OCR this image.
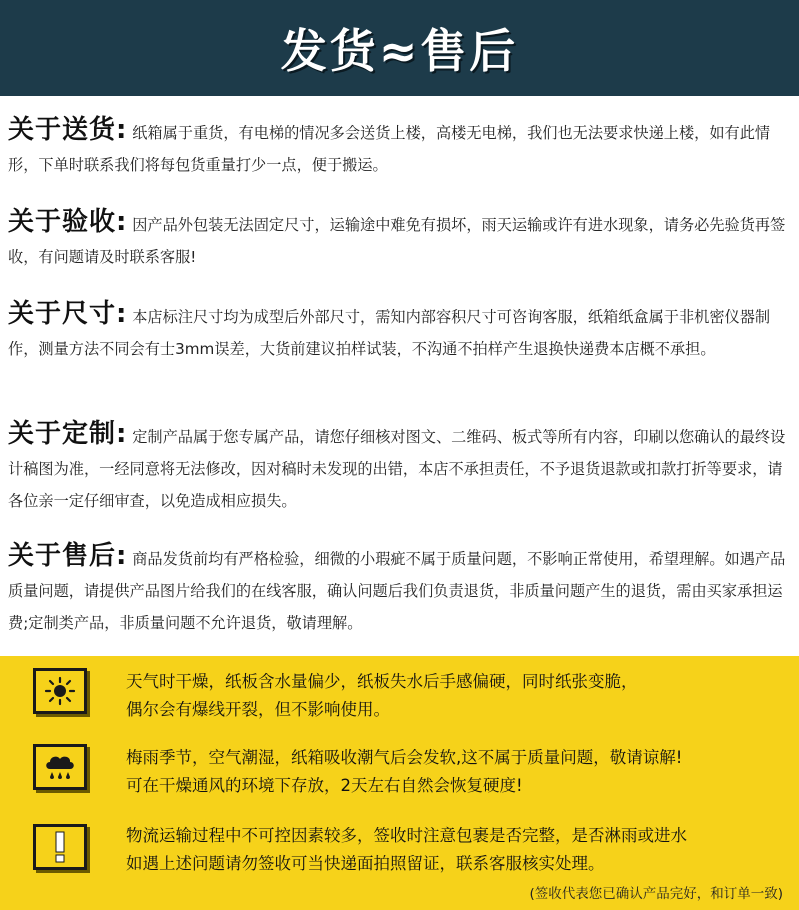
发货≈售后
关于送货: 纸箱属于重货，有电梯的情况多会送货上楼，高楼无电梯，我们也无法要求快递上楼，如有此情形，下单时联系我们将每包货重量打少一点，便于搬运。
关于验收: 因产品外包装无法固定尺寸，运输途中难免有损坏，雨天运输或许有进水现象，请务必先验货再签收，有问题请及时联系客服!
关于尺寸: 本店标注尺寸均为成型后外部尺寸，需知内部容积尺寸可咨询客服，纸箱纸盒属于非机密仪器制作，测量方法不同会有士3mm误差，大货前建议拍样试装，不沟通不拍样产生退换快递费本店概不承担。
关于定制: 定制产品属于您专属产品，请您仔细核对图文、二维码、板式等所有内容，印刷以您确认的最终设计稿图为准，一经同意将无法修改，因对稿时未发现的出错，本店不承担责任，不予退货退款或扣款打折等要求，请各位亲一定仔细审查，以免造成相应损失。
关于售后: 商品发货前均有严格检验，细微的小瑕疵不属于质量问题，不影响正常使用，希望理解。如遇产品质量问题，请提供产品图片给我们的在线客服，确认问题后我们负责退货，非质量问题产生的退货，需由买家承担运费;定制类产品，非质量问题不允许退货，敬请理解。
天气时干燥，纸板含水量偏少，纸板失水后手感偏硬，同时纸张变脆，
偶尔会有爆线开裂，但不影响使用。
梅雨季节，空气潮湿，纸箱吸收潮气后会发软,这不属于质量问题，敬请谅解!
可在干燥通风的环境下存放，2天左右自然会恢复硬度!
物流运输过程中不可控因素较多，签收时注意包裹是否完整，是否淋雨或进水
如遇上述问题请勿签收可当快递面拍照留证，联系客服核实处理。
(签收代表您已确认产品完好，和订单一致)
